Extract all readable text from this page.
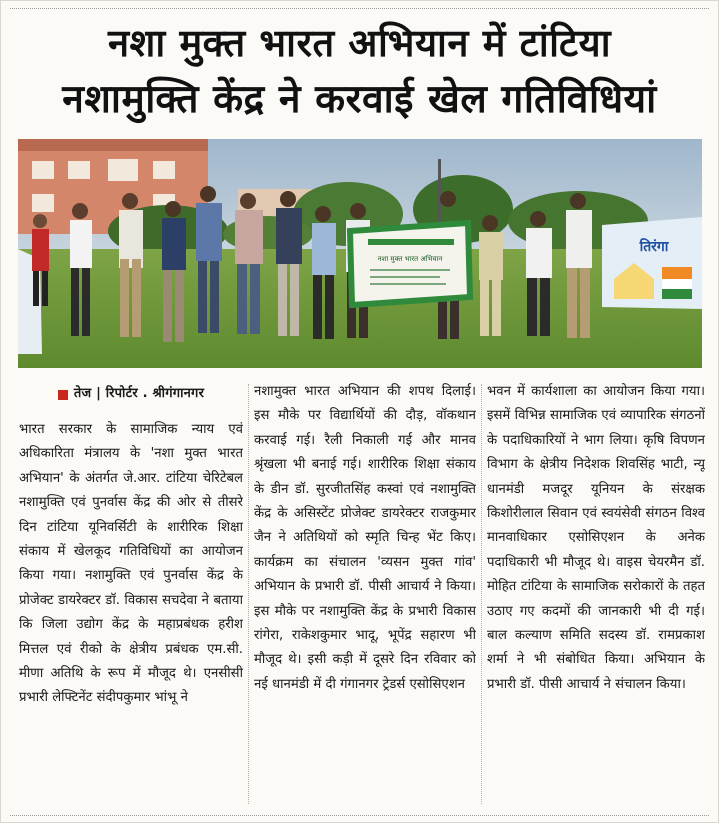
नशा मुक्त भारत अभियान में टांटिया
नशामुक्ति केंद्र ने करवाई खेल गतिविधियां
नशा मुक्त भारत अभियान
तिरंगा
तेज | रिपोर्टर . श्रीगंगानगर
भारत सरकार के सामाजिक न्याय एवं अधिकारिता मंत्रालय के 'नशा मुक्त भारत अभियान' के अंतर्गत जे.आर. टांटिया चेरिटेबल नशामुक्ति एवं पुनर्वास केंद्र की ओर से तीसरे दिन टांटिया यूनिवर्सिटी के शारीरिक शिक्षा संकाय में खेलकूद गतिविधियों का आयोजन किया गया। नशामुक्ति एवं पुनर्वास केंद्र के प्रोजेक्ट डायरेक्टर डॉ. विकास सचदेवा ने बताया कि जिला उद्योग केंद्र के महाप्रबंधक हरीश मित्तल एवं रीको के क्षेत्रीय प्रबंधक एम.सी. मीणा अतिथि के रूप में मौजूद थे। एनसीसी प्रभारी लेफ्टिनेंट संदीपकुमार भांभू ने
नशामुक्त भारत अभियान की शपथ दिलाई। इस मौके पर विद्यार्थियों की दौड़, वॉकथान करवाई गई। रैली निकाली गई और मानव श्रृंखला भी बनाई गई। शारीरिक शिक्षा संकाय के डीन डॉ. सुरजीतसिंह कस्वां एवं नशामुक्ति केंद्र के असिस्टेंट प्रोजेक्ट डायरेक्टर राजकुमार जैन ने अतिथियों को स्मृति चिन्ह भेंट किए। कार्यक्रम का संचालन 'व्यसन मुक्त गांव' अभियान के प्रभारी डॉ. पीसी आचार्य ने किया। इस मौके पर नशामुक्ति केंद्र के प्रभारी विकास रांगेरा, राकेशकुमार भादू, भूपेंद्र सहारण भी मौजूद थे। इसी कड़ी में दूसरे दिन रविवार को नई धानमंडी में दी गंगानगर ट्रेडर्स एसोसिएशन
भवन में कार्यशाला का आयोजन किया गया। इसमें विभिन्न सामाजिक एवं व्यापारिक संगठनों के पदाधिकारियों ने भाग लिया। कृषि विपणन विभाग के क्षेत्रीय निदेशक शिवसिंह भाटी, न्यू धानमंडी मजदूर यूनियन के संरक्षक किशोरीलाल सिवान एवं स्वयंसेवी संगठन विश्व मानवाधिकार एसोसिएशन के अनेक पदाधिकारी भी मौजूद थे। वाइस चेयरमैन डॉ. मोहित टांटिया के सामाजिक सरोकारों के तहत उठाए गए कदमों की जानकारी भी दी गई। बाल कल्याण समिति सदस्य डॉ. रामप्रकाश शर्मा ने भी संबोधित किया। अभियान के प्रभारी डॉ. पीसी आचार्य ने संचालन किया।
